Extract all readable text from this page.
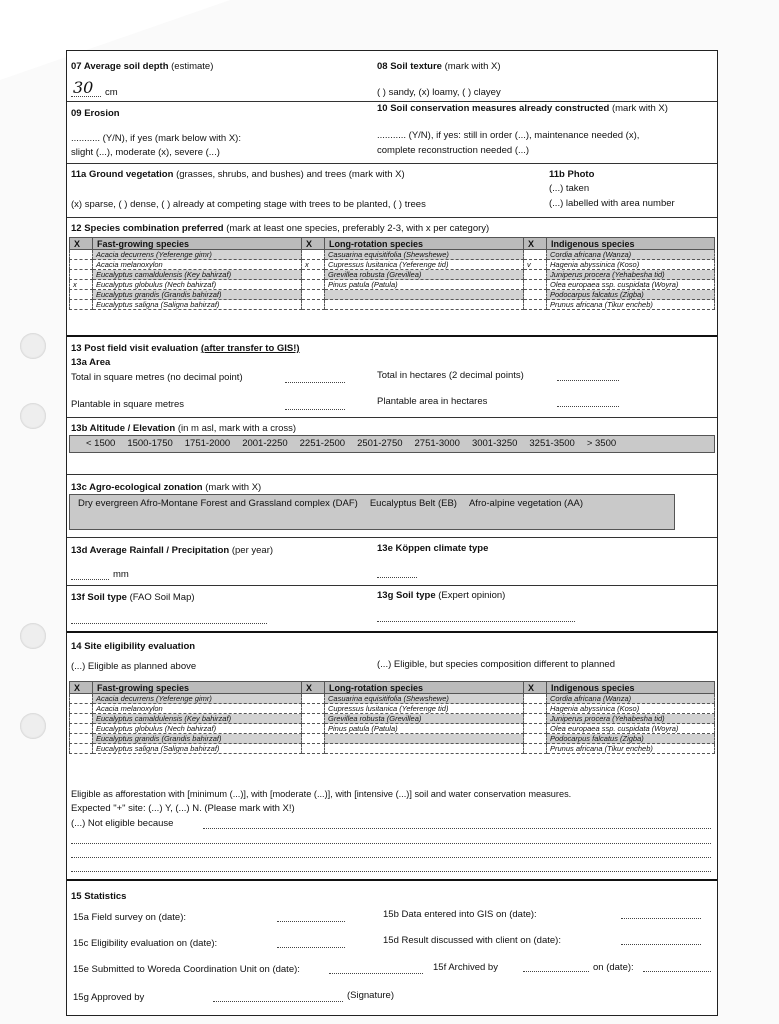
07 Average soil depth (estimate)
30 cm
08 Soil texture (mark with X)
( ) sandy, (x) loamy, ( ) clayey
09 Erosion
........... (Y/N), if yes (mark below with X):
slight (...), moderate (x), severe (...)
10 Soil conservation measures already constructed (mark with X)
........... (Y/N), if yes: still in order (...), maintenance needed (x),
complete reconstruction needed (...)
11a Ground vegetation (grasses, shrubs, and bushes) and trees (mark with X)
(x) sparse, ( ) dense, ( ) already at competing stage with trees to be planted, ( ) trees
11b Photo
(...) taken
(...) labelled with area number
12 Species combination preferred (mark at least one species, preferably 2-3, with x per category)
X	Fast-growing species	X	Long-rotation species	X	Indigenous species
	Acacia decurrens (Yeferenge gimr)		Casuarina equisitifolia (Shewshewe)		Cordia africana (Wanza)
	Acacia melanoxylon	x	Cupressus lusitanica (Yeferenge tid)	v	Hagenia abyssinica (Koso)
	Eucalyptus camaldulensis (Key bahirzaf)		Grevillea robusta (Grevillea)		Juniperus procera (Yehabesha tid)
x	Eucalyptus globulus (Nech bahirzaf)		Pinus patula (Patula)		Olea europaea ssp. cuspidata (Woyra)
	Eucalyptus grandis (Grandis bahirzaf)				Podocarpus falcatus (Zigba)
	Eucalyptus saligna (Saligna bahirzaf)				Prunus africana (Tikur encheb)
13 Post field visit evaluation (after transfer to GIS!)
13a Area
Total in square metres (no decimal point)	Total in hectares (2 decimal points)
Plantable in square metres	Plantable area in hectares
13b Altitude / Elevation (in m asl, mark with a cross)
< 1500 1500-1750 1751-2000 2001-2250 2251-2500 2501-2750 2751-3000 3001-3250 3251-3500 > 3500
13c Agro-ecological zonation (mark with X)
Dry evergreen Afro-Montane Forest and Grassland complex (DAF) Eucalyptus Belt (EB) Afro-alpine vegetation (AA)
13d Average Rainfall / Precipitation (per year)
mm
13e Köppen climate type
13f Soil type (FAO Soil Map)	13g Soil type (Expert opinion)
14 Site eligibility evaluation
(...) Eligible as planned above	(...) Eligible, but species composition different to planned
X	Fast-growing species	X	Long-rotation species	X	Indigenous species
	Acacia decurrens (Yeferenge gimr)		Casuarina equisitifolia (Shewshewe)		Cordia africana (Wanza)
	Acacia melanoxylon		Cupressus lusitanica (Yeferenge tid)		Hagenia abyssinica (Koso)
	Eucalyptus camaldulensis (Key bahirzaf)		Grevillea robusta (Grevillea)		Juniperus procera (Yehabesha tid)
	Eucalyptus globulus (Nech bahirzaf)		Pinus patula (Patula)		Olea europaea ssp. cuspidata (Woyra)
	Eucalyptus grandis (Grandis bahirzaf)				Podocarpus falcatus (Zigba)
	Eucalyptus saligna (Saligna bahirzaf)				Prunus africana (Tikur encheb)
Eligible as afforestation with [minimum (...)], with [moderate (...)], with [intensive (...)] soil and water conservation measures.
Expected "+" site: (...) Y, (...) N. (Please mark with X!)
(...) Not eligible because
15 Statistics
15a Field survey on (date):	15b Data entered into GIS on (date):
15c Eligibility evaluation on (date):	15d Result discussed with client on (date):
15e Submitted to Woreda Coordination Unit on (date):	15f Archived by	on (date):
15g Approved by	(Signature)
